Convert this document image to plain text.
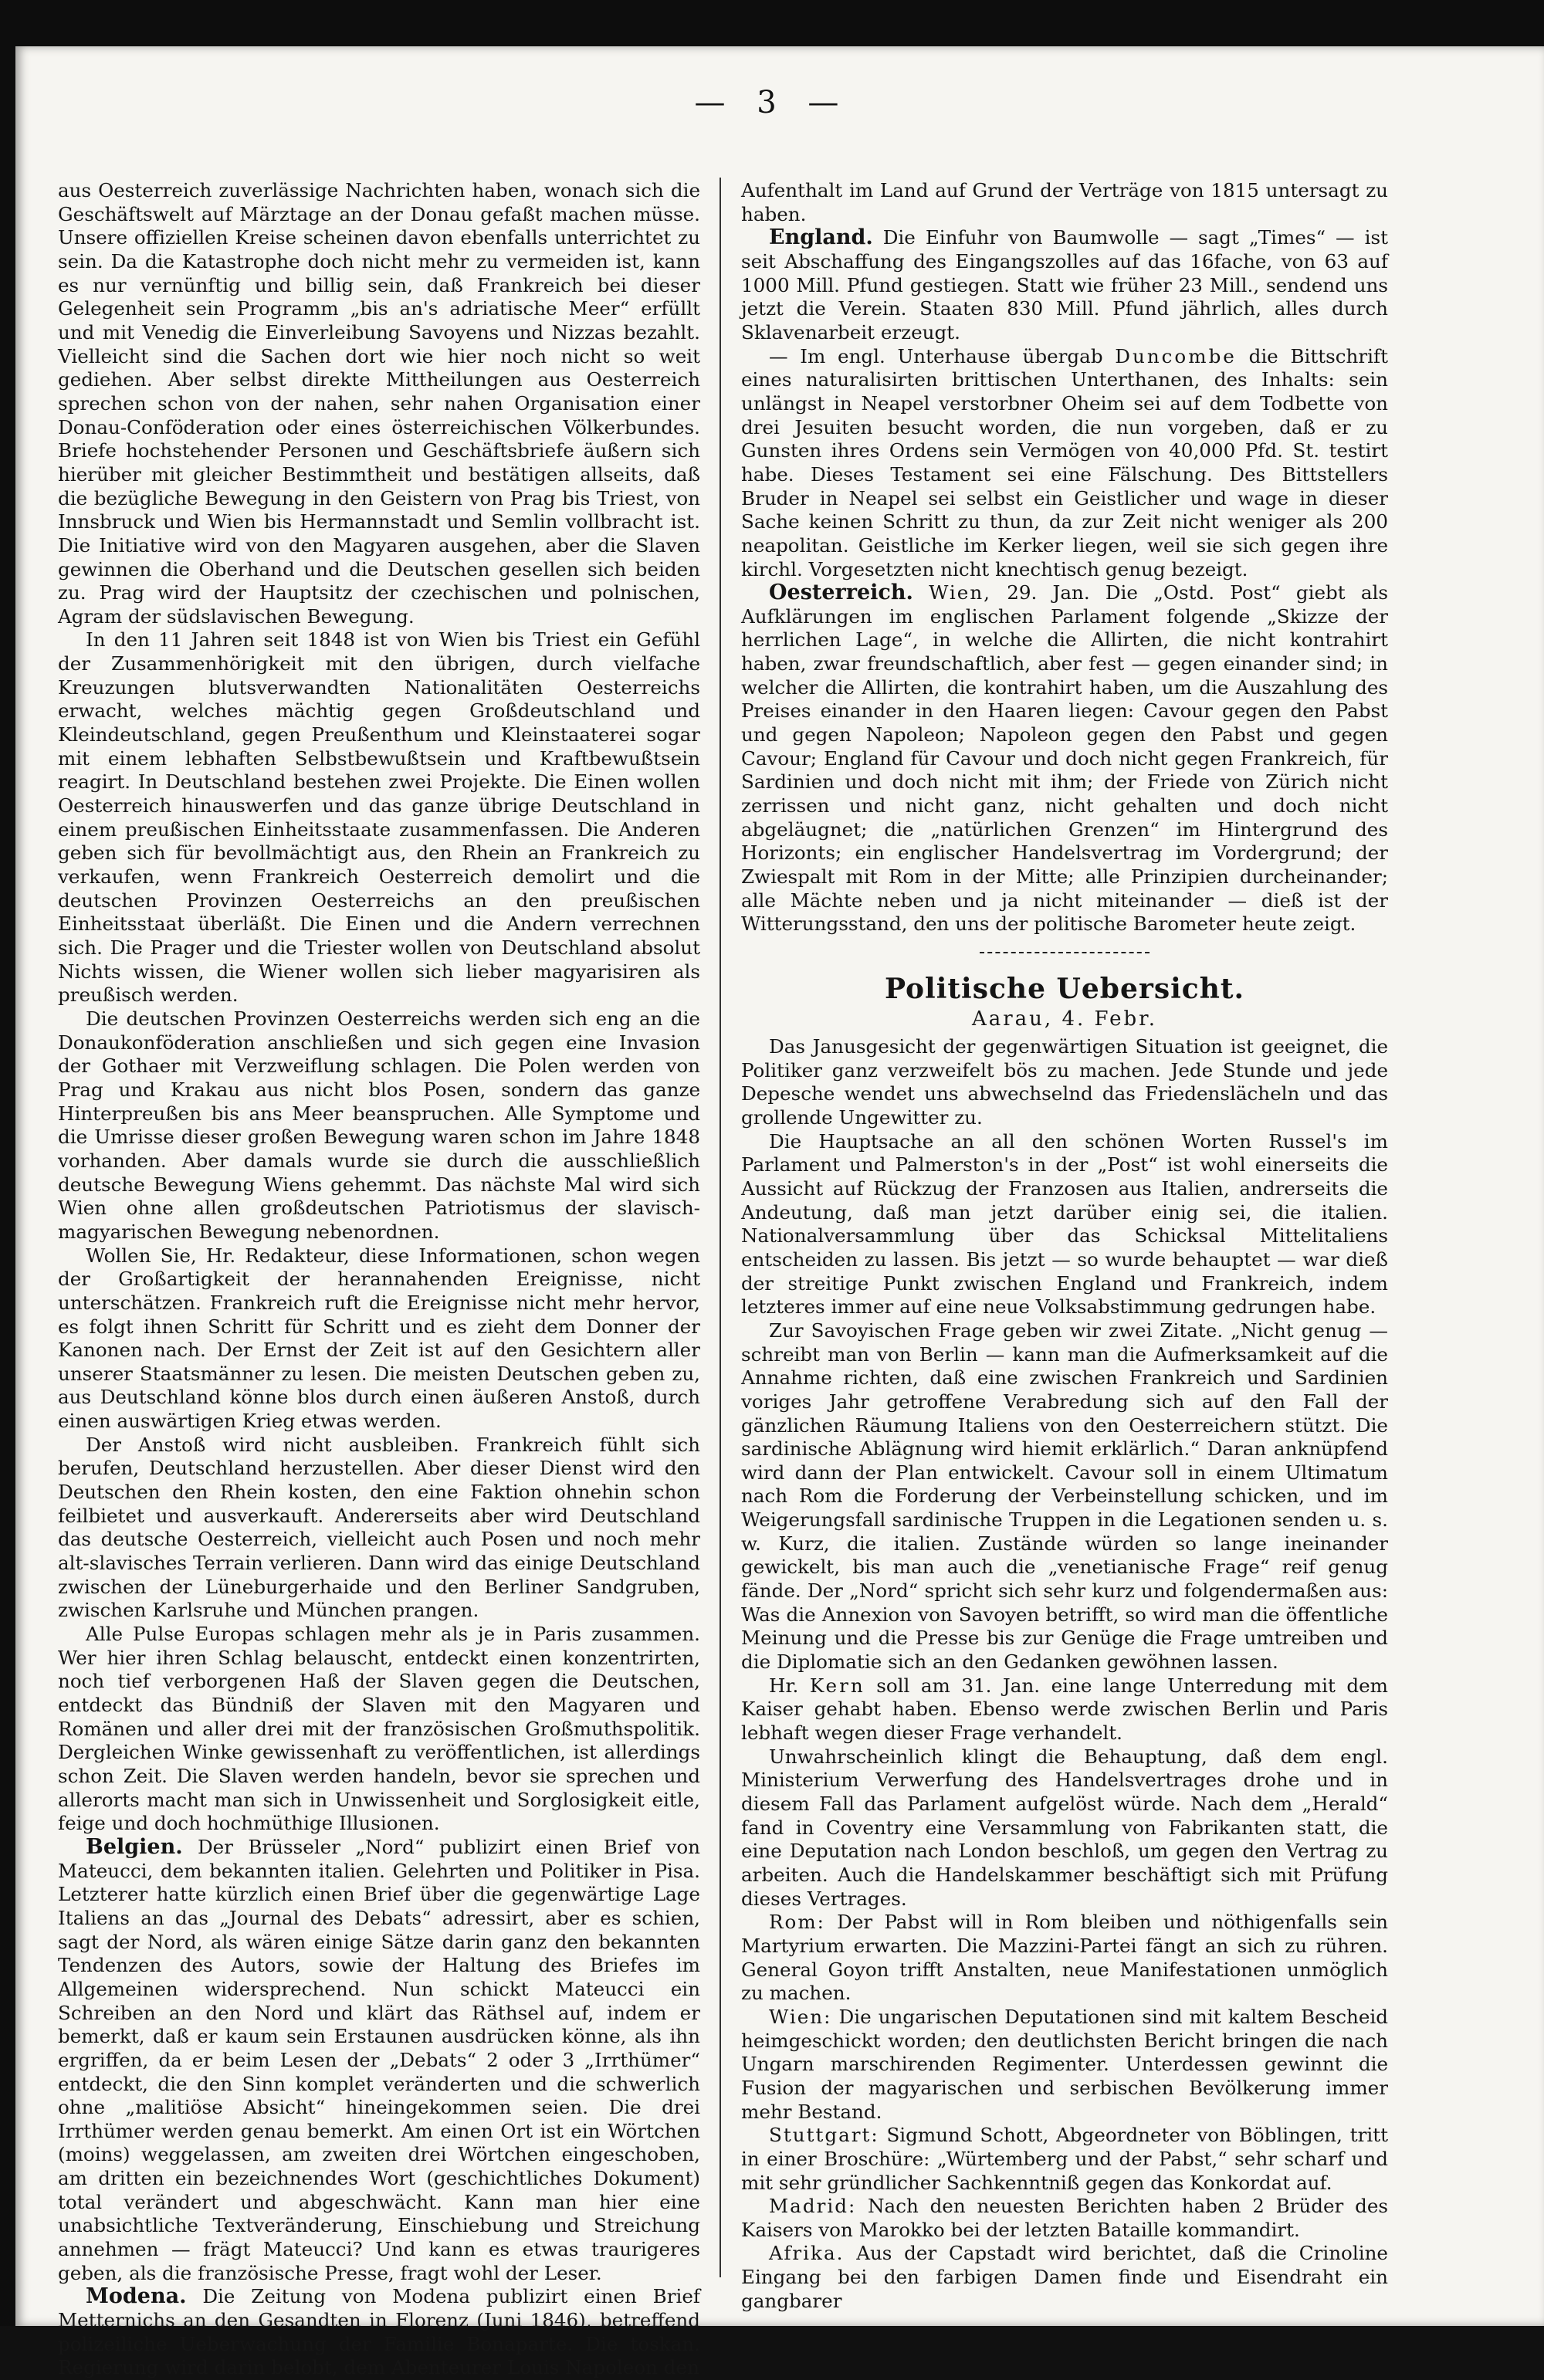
— 3 —

aus Oesterreich zuverlässige Nachrichten haben, wonach sich die Geschäftswelt auf Märztage an der Donau gefaßt machen müsse. Unsere offiziellen Kreise scheinen davon ebenfalls unterrichtet zu sein. Da die Katastrophe doch nicht mehr zu vermeiden ist, kann es nur vernünftig und billig sein, daß Frankreich bei dieser Gelegenheit sein Programm „bis an's adriatische Meer“ erfüllt und mit Venedig die Einverleibung Savoyens und Nizzas bezahlt. Vielleicht sind die Sachen dort wie hier noch nicht so weit gediehen. Aber selbst direkte Mittheilungen aus Oesterreich sprechen schon von der nahen, sehr nahen Organisation einer Donau-Conföderation oder eines österreichischen Völkerbundes. Briefe hochstehender Personen und Geschäftsbriefe äußern sich hierüber mit gleicher Bestimmtheit und bestätigen allseits, daß die bezügliche Bewegung in den Geistern von Prag bis Triest, von Innsbruck und Wien bis Hermannstadt und Semlin vollbracht ist. Die Initiative wird von den Magyaren ausgehen, aber die Slaven gewinnen die Oberhand und die Deutschen gesellen sich beiden zu. Prag wird der Hauptsitz der czechischen und polnischen, Agram der südslavischen Bewegung.

In den 11 Jahren seit 1848 ist von Wien bis Triest ein Gefühl der Zusammenhörigkeit mit den übrigen, durch vielfache Kreuzungen blutsverwandten Nationalitäten Oesterreichs erwacht, welches mächtig gegen Großdeutschland und Kleindeutschland, gegen Preußenthum und Kleinstaaterei sogar mit einem lebhaften Selbstbewußtsein und Kraftbewußtsein reagirt. In Deutschland bestehen zwei Projekte. Die Einen wollen Oesterreich hinauswerfen und das ganze übrige Deutschland in einem preußischen Einheitsstaate zusammenfassen. Die Anderen geben sich für bevollmächtigt aus, den Rhein an Frankreich zu verkaufen, wenn Frankreich Oesterreich demolirt und die deutschen Provinzen Oesterreichs an den preußischen Einheitsstaat überläßt. Die Einen und die Andern verrechnen sich. Die Prager und die Triester wollen von Deutschland absolut Nichts wissen, die Wiener wollen sich lieber magyarisiren als preußisch werden.

Die deutschen Provinzen Oesterreichs werden sich eng an die Donaukonföderation anschließen und sich gegen eine Invasion der Gothaer mit Verzweiflung schlagen. Die Polen werden von Prag und Krakau aus nicht blos Posen, sondern das ganze Hinterpreußen bis ans Meer beanspruchen. Alle Symptome und die Umrisse dieser großen Bewegung waren schon im Jahre 1848 vorhanden. Aber damals wurde sie durch die ausschließlich deutsche Bewegung Wiens gehemmt. Das nächste Mal wird sich Wien ohne allen großdeutschen Patriotismus der slavisch-magyarischen Bewegung nebenordnen.

Wollen Sie, Hr. Redakteur, diese Informationen, schon wegen der Großartigkeit der herannahenden Ereignisse, nicht unterschätzen. Frankreich ruft die Ereignisse nicht mehr hervor, es folgt ihnen Schritt für Schritt und es zieht dem Donner der Kanonen nach. Der Ernst der Zeit ist auf den Gesichtern aller unserer Staatsmänner zu lesen. Die meisten Deutschen geben zu, aus Deutschland könne blos durch einen äußeren Anstoß, durch einen auswärtigen Krieg etwas werden.

Der Anstoß wird nicht ausbleiben. Frankreich fühlt sich berufen, Deutschland herzustellen. Aber dieser Dienst wird den Deutschen den Rhein kosten, den eine Faktion ohnehin schon feilbietet und ausverkauft. Andererseits aber wird Deutschland das deutsche Oesterreich, vielleicht auch Posen und noch mehr alt-slavisches Terrain verlieren. Dann wird das einige Deutschland zwischen der Lüneburgerhaide und den Berliner Sandgruben, zwischen Karlsruhe und München prangen.

Alle Pulse Europas schlagen mehr als je in Paris zusammen. Wer hier ihren Schlag belauscht, entdeckt einen konzentrirten, noch tief verborgenen Haß der Slaven gegen die Deutschen, entdeckt das Bündniß der Slaven mit den Magyaren und Romänen und aller drei mit der französischen Großmuthspolitik. Dergleichen Winke gewissenhaft zu veröffentlichen, ist allerdings schon Zeit. Die Slaven werden handeln, bevor sie sprechen und allerorts macht man sich in Unwissenheit und Sorglosigkeit eitle, feige und doch hochmüthige Illusionen.

Belgien. Der Brüsseler „Nord“ publizirt einen Brief von Mateucci, dem bekannten italien. Gelehrten und Politiker in Pisa. Letzterer hatte kürzlich einen Brief über die gegenwärtige Lage Italiens an das „Journal des Debats“ adressirt, aber es schien, sagt der Nord, als wären einige Sätze darin ganz den bekannten Tendenzen des Autors, sowie der Haltung des Briefes im Allgemeinen widersprechend. Nun schickt Mateucci ein Schreiben an den Nord und klärt das Räthsel auf, indem er bemerkt, daß er kaum sein Erstaunen ausdrücken könne, als ihn ergriffen, da er beim Lesen der „Debats“ 2 oder 3 „Irrthümer“ entdeckt, die den Sinn komplet veränderten und die schwerlich ohne „malitiöse Absicht“ hineingekommen seien. Die drei Irrthümer werden genau bemerkt. Am einen Ort ist ein Wörtchen (moins) weggelassen, am zweiten drei Wörtchen eingeschoben, am dritten ein bezeichnendes Wort (geschichtliches Dokument) total verändert und abgeschwächt. Kann man hier eine unabsichtliche Textveränderung, Einschiebung und Streichung annehmen — frägt Mateucci? Und kann es etwas traurigeres geben, als die französische Presse, fragt wohl der Leser.

Modena. Die Zeitung von Modena publizirt einen Brief Metternichs an den Gesandten in Florenz (Juni 1846), betreffend polizeiliche Ueberwachung der Familie Bonaparte. Die toskan. Regierung wird darin belobt, dem Abenteurer Louis Napoleon den

Aufenthalt im Land auf Grund der Verträge von 1815 untersagt zu haben.

England. Die Einfuhr von Baumwolle — sagt „Times“ — ist seit Abschaffung des Eingangszolles auf das 16fache, von 63 auf 1000 Mill. Pfund gestiegen. Statt wie früher 23 Mill., sendend uns jetzt die Verein. Staaten 830 Mill. Pfund jährlich, alles durch Sklavenarbeit erzeugt.

— Im engl. Unterhause übergab Duncombe die Bittschrift eines naturalisirten brittischen Unterthanen, des Inhalts: sein unlängst in Neapel verstorbner Oheim sei auf dem Todbette von drei Jesuiten besucht worden, die nun vorgeben, daß er zu Gunsten ihres Ordens sein Vermögen von 40,000 Pfd. St. testirt habe. Dieses Testament sei eine Fälschung. Des Bittstellers Bruder in Neapel sei selbst ein Geistlicher und wage in dieser Sache keinen Schritt zu thun, da zur Zeit nicht weniger als 200 neapolitan. Geistliche im Kerker liegen, weil sie sich gegen ihre kirchl. Vorgesetzten nicht knechtisch genug bezeigt.

Oesterreich. Wien, 29. Jan. Die „Ostd. Post“ giebt als Aufklärungen im englischen Parlament folgende „Skizze der herrlichen Lage“, in welche die Allirten, die nicht kontrahirt haben, zwar freundschaftlich, aber fest — gegen einander sind; in welcher die Allirten, die kontrahirt haben, um die Auszahlung des Preises einander in den Haaren liegen: Cavour gegen den Pabst und gegen Napoleon; Napoleon gegen den Pabst und gegen Cavour; England für Cavour und doch nicht gegen Frankreich, für Sardinien und doch nicht mit ihm; der Friede von Zürich nicht zerrissen und nicht ganz, nicht gehalten und doch nicht abgeläugnet; die „natürlichen Grenzen“ im Hintergrund des Horizonts; ein englischer Handelsvertrag im Vordergrund; der Zwiespalt mit Rom in der Mitte; alle Prinzipien durcheinander; alle Mächte neben und ja nicht miteinander — dieß ist der Witterungsstand, den uns der politische Barometer heute zeigt.

Politische Uebersicht.
Aarau, 4. Febr.

Das Janusgesicht der gegenwärtigen Situation ist geeignet, die Politiker ganz verzweifelt bös zu machen. Jede Stunde und jede Depesche wendet uns abwechselnd das Friedenslächeln und das grollende Ungewitter zu.

Die Hauptsache an all den schönen Worten Russel's im Parlament und Palmerston's in der „Post“ ist wohl einerseits die Aussicht auf Rückzug der Franzosen aus Italien, andrerseits die Andeutung, daß man jetzt darüber einig sei, die italien. Nationalversammlung über das Schicksal Mittelitaliens entscheiden zu lassen. Bis jetzt — so wurde behauptet — war dieß der streitige Punkt zwischen England und Frankreich, indem letzteres immer auf eine neue Volksabstimmung gedrungen habe.

Zur Savoyischen Frage geben wir zwei Zitate. „Nicht genug — schreibt man von Berlin — kann man die Aufmerksamkeit auf die Annahme richten, daß eine zwischen Frankreich und Sardinien voriges Jahr getroffene Verabredung sich auf den Fall der gänzlichen Räumung Italiens von den Oesterreichern stützt. Die sardinische Ablägnung wird hiemit erklärlich.“ Daran anknüpfend wird dann der Plan entwickelt. Cavour soll in einem Ultimatum nach Rom die Forderung der Verbeinstellung schicken, und im Weigerungsfall sardinische Truppen in die Legationen senden u. s. w. Kurz, die italien. Zustände würden so lange ineinander gewickelt, bis man auch die „venetianische Frage“ reif genug fände. Der „Nord“ spricht sich sehr kurz und folgendermaßen aus: Was die Annexion von Savoyen betrifft, so wird man die öffentliche Meinung und die Presse bis zur Genüge die Frage umtreiben und die Diplomatie sich an den Gedanken gewöhnen lassen.

Hr. Kern soll am 31. Jan. eine lange Unterredung mit dem Kaiser gehabt haben. Ebenso werde zwischen Berlin und Paris lebhaft wegen dieser Frage verhandelt.

Unwahrscheinlich klingt die Behauptung, daß dem engl. Ministerium Verwerfung des Handelsvertrages drohe und in diesem Fall das Parlament aufgelöst würde. Nach dem „Herald“ fand in Coventry eine Versammlung von Fabrikanten statt, die eine Deputation nach London beschloß, um gegen den Vertrag zu arbeiten. Auch die Handelskammer beschäftigt sich mit Prüfung dieses Vertrages.

Rom: Der Pabst will in Rom bleiben und nöthigenfalls sein Martyrium erwarten. Die Mazzini-Partei fängt an sich zu rühren. General Goyon trifft Anstalten, neue Manifestationen unmöglich zu machen.

Wien: Die ungarischen Deputationen sind mit kaltem Bescheid heimgeschickt worden; den deutlichsten Bericht bringen die nach Ungarn marschirenden Regimenter. Unterdessen gewinnt die Fusion der magyarischen und serbischen Bevölkerung immer mehr Bestand.

Stuttgart: Sigmund Schott, Abgeordneter von Böblingen, tritt in einer Broschüre: „Würtemberg und der Pabst,“ sehr scharf und mit sehr gründlicher Sachkenntniß gegen das Konkordat auf.

Madrid: Nach den neuesten Berichten haben 2 Brüder des Kaisers von Marokko bei der letzten Bataille kommandirt.

Afrika. Aus der Capstadt wird berichtet, daß die Crinoline Eingang bei den farbigen Damen finde und Eisendraht ein gangbarer
